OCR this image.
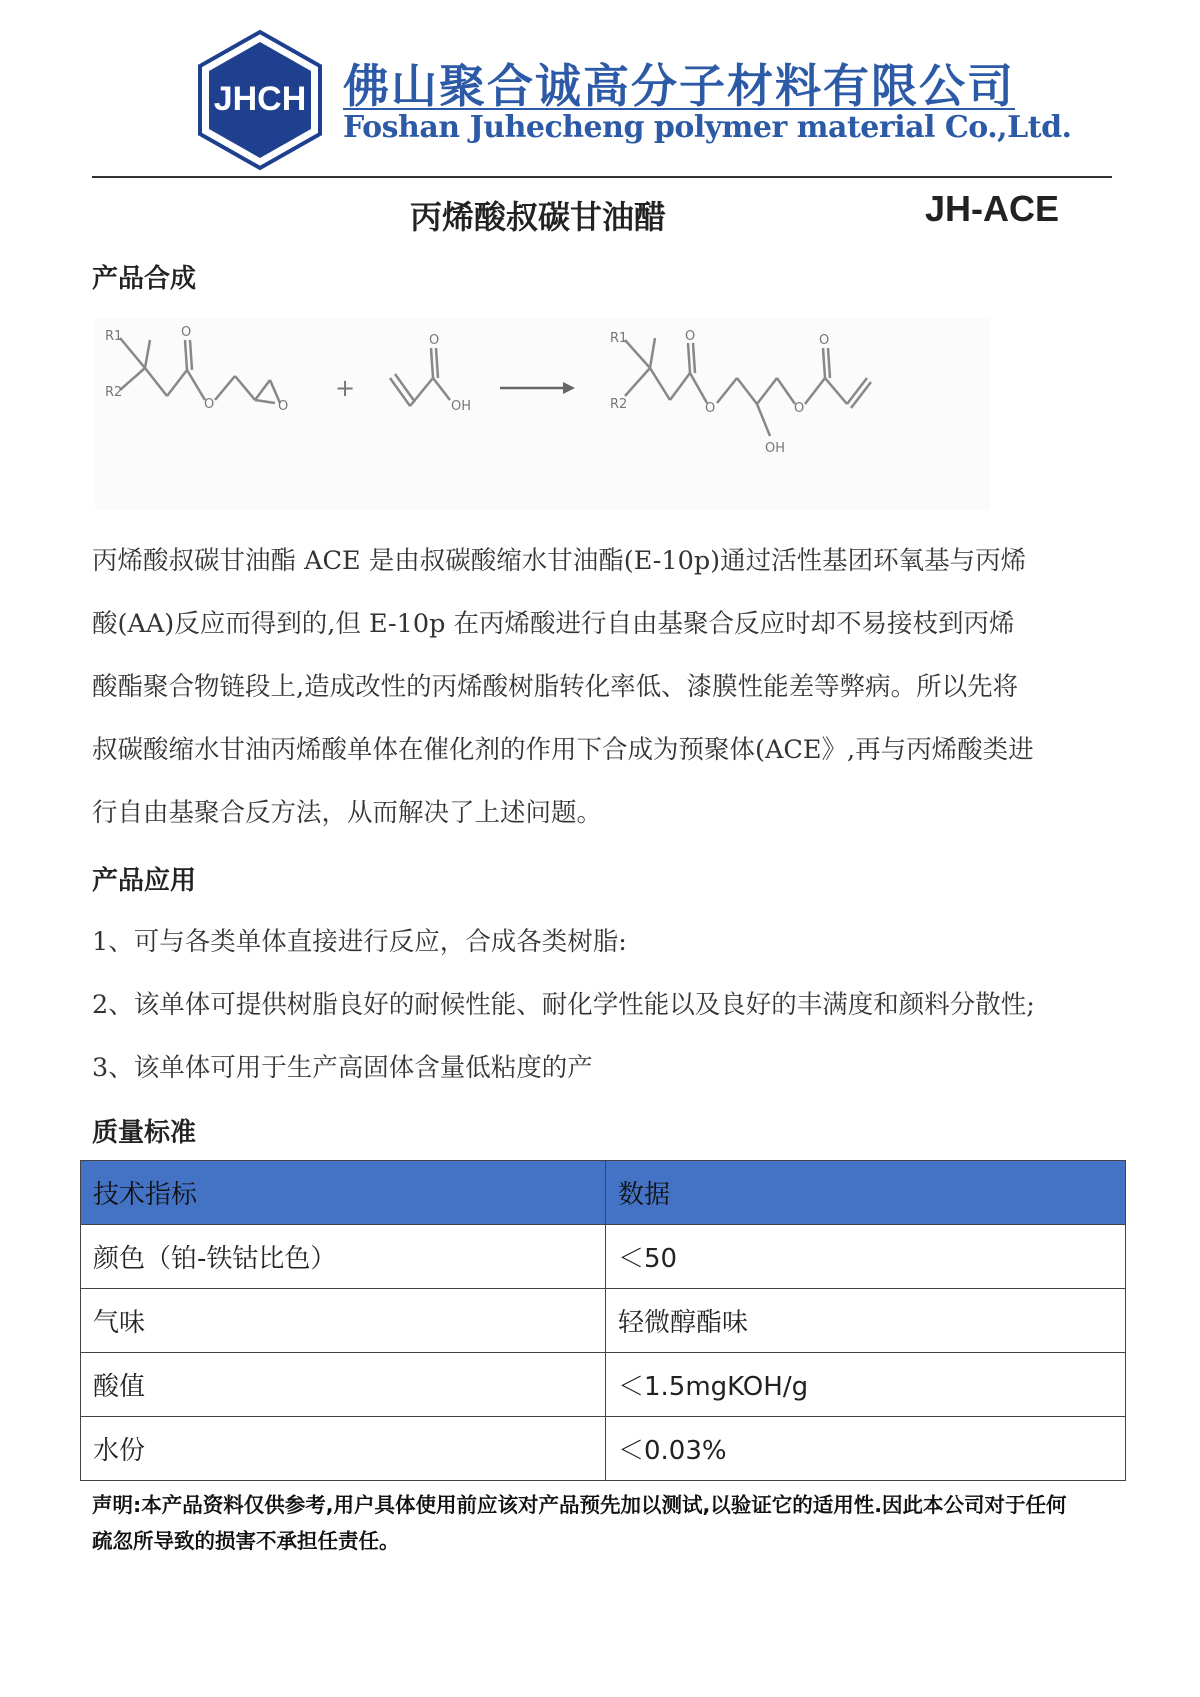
JHCH 佛山聚合诚高分子材料有限公司
Foshan Juhecheng polymer material Co.,Ltd.
丙烯酸叔碳甘油醋	JH-ACE
产品合成
R1
R2
O
O	O
+
O
OH
R1
R2
O
O
OH
O
O
丙烯酸叔碳甘油酯 ACE 是由叔碳酸缩水甘油酯(E-10p)通过活性基团环氧基与丙烯
酸(AA)反应而得到的,但 E-10p 在丙烯酸进行自由基聚合反应时却不易接枝到丙烯
酸酯聚合物链段上,造成改性的丙烯酸树脂转化率低、漆膜性能差等弊病。所以先将
叔碳酸缩水甘油丙烯酸单体在催化剂的作用下合成为预聚体(ACE》,再与丙烯酸类进
行自由基聚合反方法，从而解决了上述问题。
产品应用
1、可与各类单体直接进行反应，合成各类树脂:
2、该单体可提供树脂良好的耐候性能、耐化学性能以及良好的丰满度和颜料分散性;
3、该单体可用于生产高固体含量低粘度的产
质量标准
技术指标	数据
颜色（铂-铁钴比色）	＜50
气味	轻微醇酯味
酸值	＜1.5mgKOH/g
水份	＜0.03%
声明:本产品资料仅供参考,用户具体使用前应该对产品预先加以测试,以验证它的适用性.因此本公司对于任何
疏忽所导致的损害不承担任责任。
